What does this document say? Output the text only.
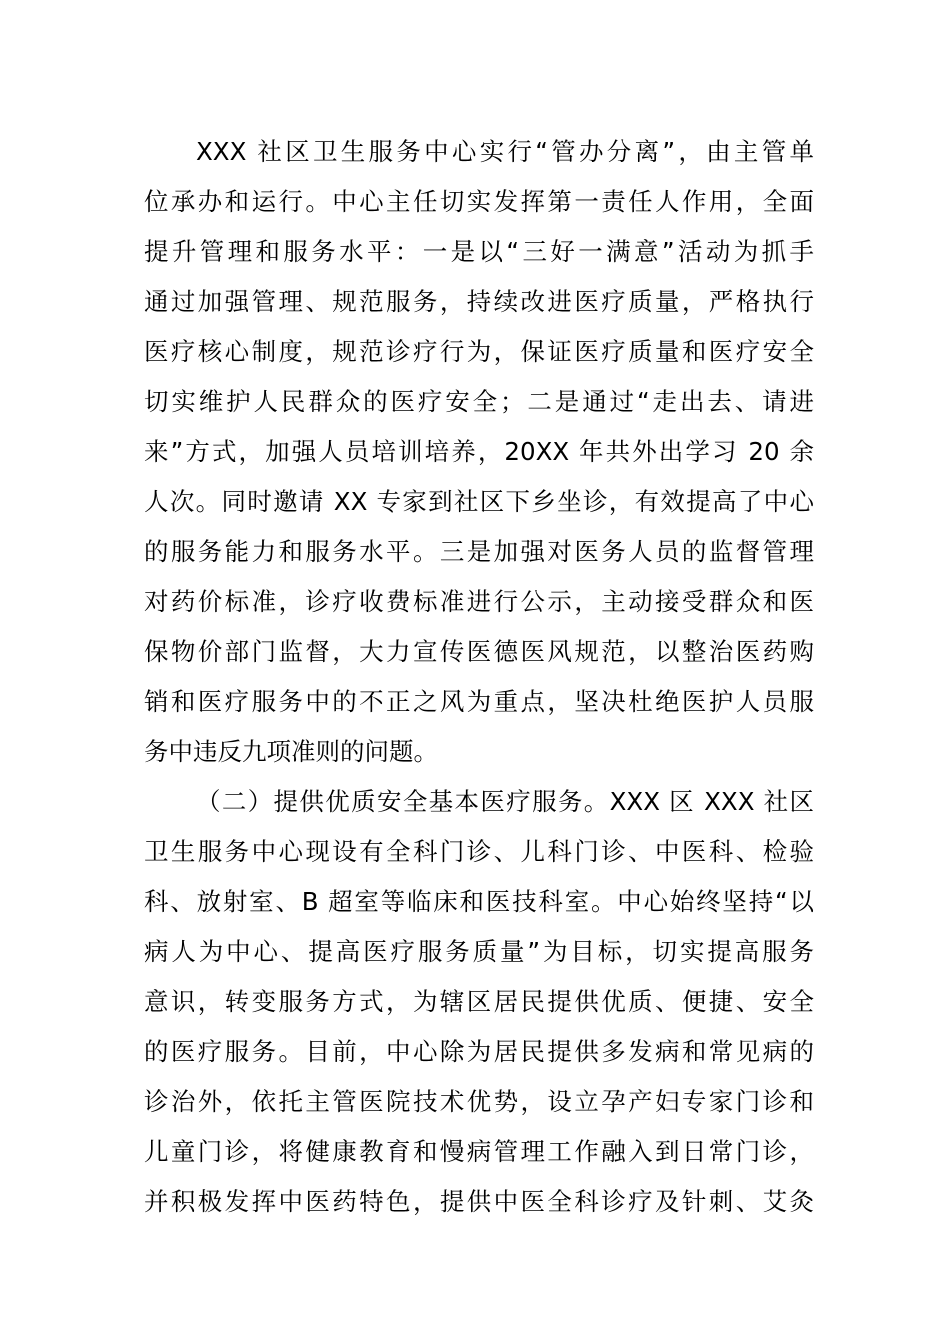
XXX 社区卫生服务中心实行“管办分离”，由主管单
位承办和运行。中心主任切实发挥第一责任人作用，全面
提升管理和服务水平：一是以“三好一满意”活动为抓手
通过加强管理、规范服务，持续改进医疗质量，严格执行
医疗核心制度，规范诊疗行为，保证医疗质量和医疗安全
切实维护人民群众的医疗安全；二是通过“走出去、请进
来”方式，加强人员培训培养，20XX 年共外出学习 20 余
人次。同时邀请 XX 专家到社区下乡坐诊，有效提高了中心
的服务能力和服务水平。三是加强对医务人员的监督管理
对药价标准，诊疗收费标准进行公示，主动接受群众和医
保物价部门监督，大力宣传医德医风规范，以整治医药购
销和医疗服务中的不正之风为重点，坚决杜绝医护人员服
务中违反九项准则的问题。

（二）提供优质安全基本医疗服务。XXX 区 XXX 社区
卫生服务中心现设有全科门诊、儿科门诊、中医科、检验
科、放射室、B 超室等临床和医技科室。中心始终坚持“以
病人为中心、提高医疗服务质量”为目标，切实提高服务
意识，转变服务方式，为辖区居民提供优质、便捷、安全
的医疗服务。目前，中心除为居民提供多发病和常见病的
诊治外，依托主管医院技术优势，设立孕产妇专家门诊和
儿童门诊，将健康教育和慢病管理工作融入到日常门诊，
并积极发挥中医药特色，提供中医全科诊疗及针刺、艾灸
